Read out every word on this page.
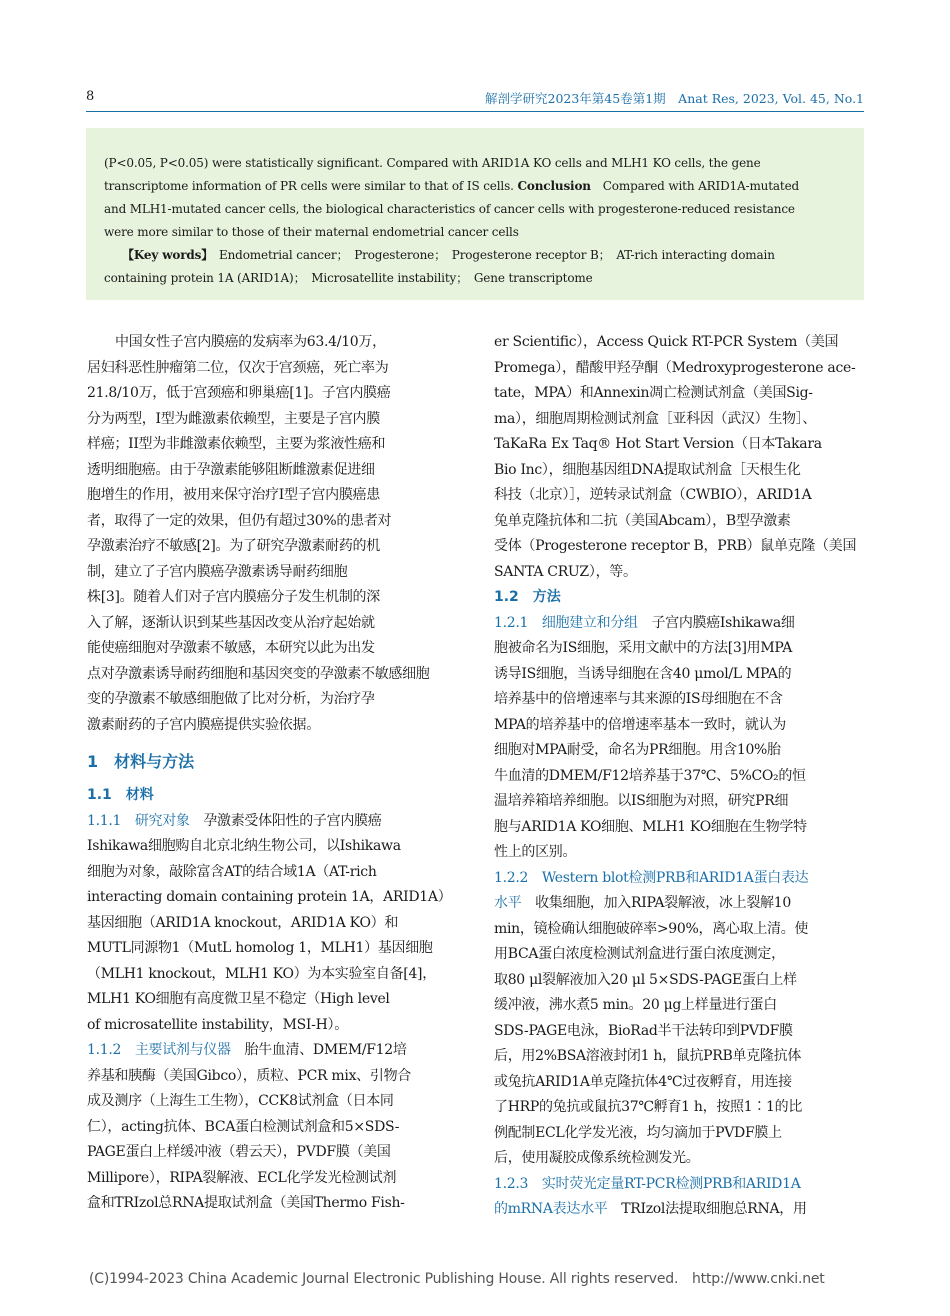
8	解剖学研究2023年第45卷第1期　Anat Res, 2023, Vol. 45, No.1
(P<0.05, P<0.05) were statistically significant. Compared with ARID1A KO cells and MLH1 KO cells, the gene
transcriptome information of PR cells were similar to that of IS cells. Conclusion　 Compared with ARID1A-mutated
and MLH1-mutated cancer cells, the biological characteristics of cancer cells with progesterone-reduced resistance
were more similar to those of their maternal endometrial cancer cells
【Key words】　 Endometrial cancer；　Progesterone；　Progesterone receptor B；　AT-rich interacting domain
containing protein 1A (ARID1A)；　Microsatellite instability；　Gene transcriptome
中国女性子宫内膜癌的发病率为63.4/10万，
居妇科恶性肿瘤第二位，仅次于宫颈癌，死亡率为
21.8/10万，低于宫颈癌和卵巢癌[1]。子宫内膜癌
分为两型，I型为雌激素依赖型，主要是子宫内膜
样癌；II型为非雌激素依赖型，主要为浆液性癌和
透明细胞癌。由于孕激素能够阻断雌激素促进细
胞增生的作用，被用来保守治疗I型子宫内膜癌患
者，取得了一定的效果，但仍有超过30%的患者对
孕激素治疗不敏感[2]。为了研究孕激素耐药的机
制，建立了子宫内膜癌孕激素诱导耐药细胞
株[3]。随着人们对子宫内膜癌分子发生机制的深
入了解，逐渐认识到某些基因改变从治疗起始就
能使癌细胞对孕激素不敏感，本研究以此为出发
点对孕激素诱导耐药细胞和基因突变的孕激素不敏感细胞
变的孕激素不敏感细胞做了比对分析，为治疗孕
激素耐药的子宫内膜癌提供实验依据。
1　材料与方法
1.1　材料
1.1.1　研究对象　 孕激素受体阳性的子宫内膜癌
Ishikawa细胞购自北京北纳生物公司，以Ishikawa
细胞为对象，敲除富含AT的结合域1A（AT-rich
interacting domain containing protein 1A，ARID1A）
基因细胞（ARID1A knockout，ARID1A KO）和
MUTL同源物1（MutL homolog 1，MLH1）基因细胞
（MLH1 knockout，MLH1 KO）为本实验室自备[4]，
MLH1 KO细胞有高度微卫星不稳定（High level
of microsatellite instability，MSI-H）。
1.1.2　主要试剂与仪器　 胎牛血清、DMEM/F12培
养基和胰酶（美国Gibco），质粒、PCR mix、引物合
成及测序（上海生工生物），CCK8试剂盒（日本同
仁），acting抗体、BCA蛋白检测试剂盒和5×SDS-
PAGE蛋白上样缓冲液（碧云天），PVDF膜（美国
Millipore），RIPA裂解液、ECL化学发光检测试剂
盒和TRIzol总RNA提取试剂盒（美国Thermo Fish-
er Scientific），Access Quick RT-PCR System（美国
Promega），醋酸甲羟孕酮（Medroxyprogesterone ace-
tate，MPA）和Annexin凋亡检测试剂盒（美国Sig-
ma），细胞周期检测试剂盒［亚科因（武汉）生物］、
TaKaRa Ex Taq® Hot Start Version（日本Takara
Bio Inc），细胞基因组DNA提取试剂盒［天根生化
科技（北京）］，逆转录试剂盒（CWBIO），ARID1A
兔单克隆抗体和二抗（美国Abcam），B型孕激素
受体（Progesterone receptor B，PRB）鼠单克隆（美国
SANTA CRUZ），等。
1.2　方法
1.2.1　细胞建立和分组　 子宫内膜癌Ishikawa细
胞被命名为IS细胞，采用文献中的方法[3]用MPA
诱导IS细胞，当诱导细胞在含40 μmol/L MPA的
培养基中的倍增速率与其来源的IS母细胞在不含
MPA的培养基中的倍增速率基本一致时，就认为
细胞对MPA耐受，命名为PR细胞。用含10%胎
牛血清的DMEM/F12培养基于37℃、5%CO₂的恒
温培养箱培养细胞。以IS细胞为对照，研究PR细
胞与ARID1A KO细胞、MLH1 KO细胞在生物学特
性上的区别。
1.2.2　Western blot检测PRB和ARID1A蛋白表达
水平　 收集细胞，加入RIPA裂解液，冰上裂解10
min，镜检确认细胞破碎率>90%，离心取上清。使
用BCA蛋白浓度检测试剂盒进行蛋白浓度测定，
取80 μl裂解液加入20 μl 5×SDS-PAGE蛋白上样
缓冲液，沸水煮5 min。20 μg上样量进行蛋白
SDS-PAGE电泳，BioRad半干法转印到PVDF膜
后，用2%BSA溶液封闭1 h，鼠抗PRB单克隆抗体
或兔抗ARID1A单克隆抗体4℃过夜孵育，用连接
了HRP的兔抗或鼠抗37℃孵育1 h，按照1∶1的比
例配制ECL化学发光液，均匀滴加于PVDF膜上
后，使用凝胶成像系统检测发光。
1.2.3　实时荧光定量RT-PCR检测PRB和ARID1A
的mRNA表达水平　 TRIzol法提取细胞总RNA，用
(C)1994-2023 China Academic Journal Electronic Publishing House. All rights reserved.　http://www.cnki.net
